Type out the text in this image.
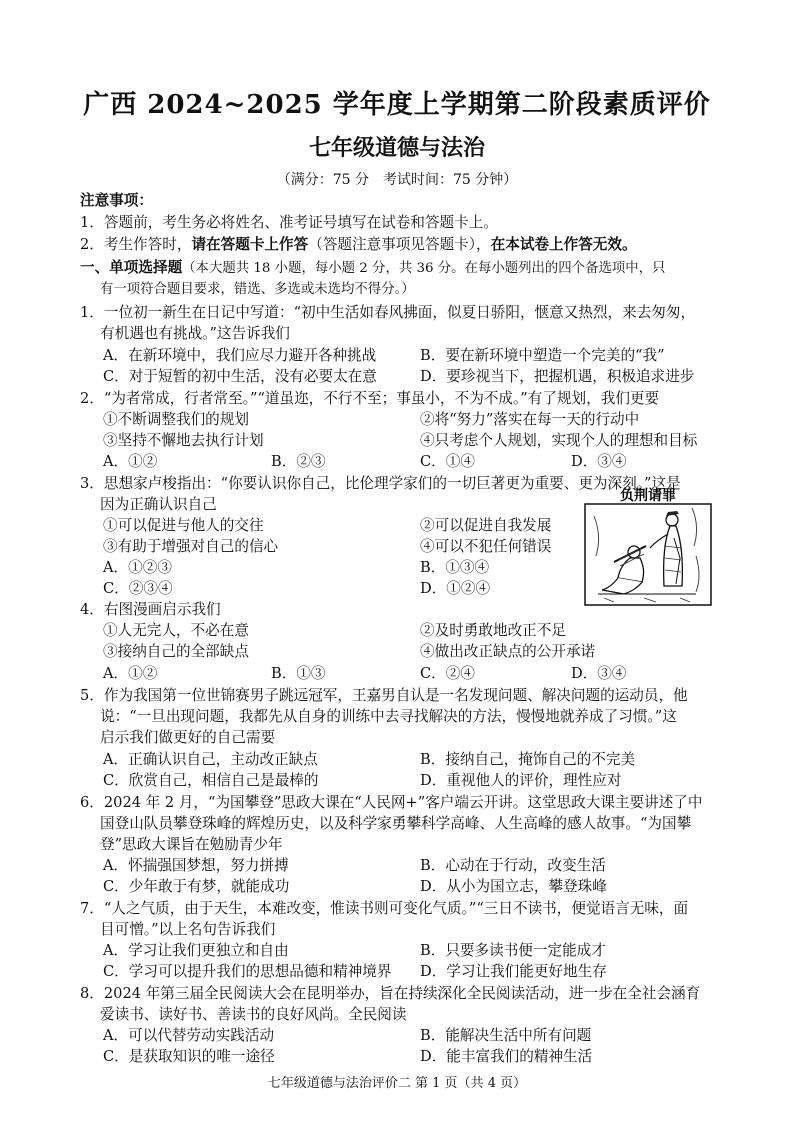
广西 2024~2025 学年度上学期第二阶段素质评价
七年级道德与法治
（满分：75 分　考试时间：75 分钟）
注意事项：
1．答题前，考生务必将姓名、准考证号填写在试卷和答题卡上。
2．考生作答时，请在答题卡上作答（答题注意事项见答题卡），在本试卷上作答无效。
一、单项选择题（本大题共 18 小题，每小题 2 分，共 36 分。在每小题列出的四个备选项中，只
有一项符合题目要求，错选、多选或未选均不得分。）
1．一位初一新生在日记中写道：“初中生活如春风拂面，似夏日骄阳，惬意又热烈，来去匆匆，
有机遇也有挑战。”这告诉我们
A．在新环境中，我们应尽力避开各种挑战	B．要在新环境中塑造一个完美的“我”
C．对于短暂的初中生活，没有必要太在意	D．要珍视当下，把握机遇，积极追求进步
2．“为者常成，行者常至。”“道虽迩，不行不至；事虽小，不为不成。”有了规划，我们更要
①不断调整我们的规划	②将“努力”落实在每一天的行动中
③坚持不懈地去执行计划	④只考虑个人规划，实现个人的理想和目标
A．①②	B．②③	C．①④	D．③④
3．思想家卢梭指出：“你要认识你自己，比伦理学家们的一切巨著更为重要、更为深刻。”这是
因为正确认识自己
①可以促进与他人的交往	②可以促进自我发展
③有助于增强对自己的信心	④可以不犯任何错误
A．①②③	B．①③④
C．②③④	D．①②④
负荆请罪
4．右图漫画启示我们
①人无完人，不必在意	②及时勇敢地改正不足
③接纳自己的全部缺点	④做出改正缺点的公开承诺
A．①②	B．①③	C．②④	D．③④
5．作为我国第一位世锦赛男子跳远冠军，王嘉男自认是一名发现问题、解决问题的运动员，他
说：“一旦出现问题，我都先从自身的训练中去寻找解决的方法，慢慢地就养成了习惯。”这
启示我们做更好的自己需要
A．正确认识自己，主动改正缺点	B．接纳自己，掩饰自己的不完美
C．欣赏自己，相信自己是最棒的	D．重视他人的评价，理性应对
6．2024 年 2 月，“为国攀登”思政大课在“人民网+”客户端云开讲。这堂思政大课主要讲述了中
国登山队员攀登珠峰的辉煌历史，以及科学家勇攀科学高峰、人生高峰的感人故事。“为国攀
登”思政大课旨在勉励青少年
A．怀揣强国梦想，努力拼搏	B．心动在于行动，改变生活
C．少年敢于有梦，就能成功	D．从小为国立志，攀登珠峰
7．“人之气质，由于天生，本难改变，惟读书则可变化气质。”“三日不读书，便觉语言无味，面
目可憎。”以上名句告诉我们
A．学习让我们更独立和自由	B．只要多读书便一定能成才
C．学习可以提升我们的思想品德和精神境界 D．学习让我们能更好地生存
8．2024 年第三届全民阅读大会在昆明举办，旨在持续深化全民阅读活动，进一步在全社会涵育
爱读书、读好书、善读书的良好风尚。全民阅读
A．可以代替劳动实践活动	B．能解决生活中所有问题
C．是获取知识的唯一途径	D．能丰富我们的精神生活
七年级道德与法治评价二 第 1 页（共 4 页）
